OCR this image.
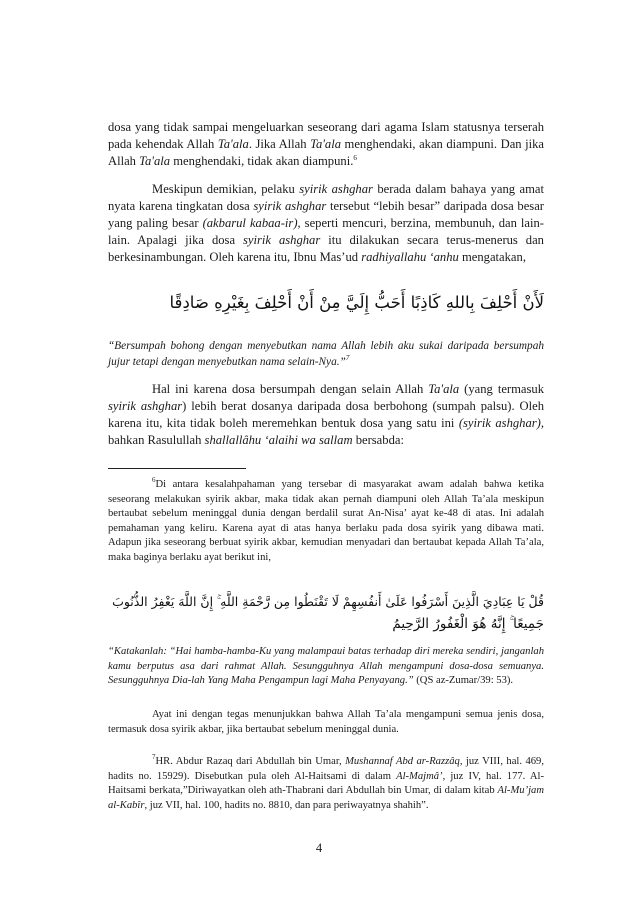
dosa yang tidak sampai mengeluarkan seseorang dari agama Islam statusnya terserah pada kehendak Allah Ta'ala. Jika Allah Ta'ala menghendaki, akan diampuni. Dan jika Allah Ta'ala menghendaki, tidak akan diampuni.$^6$

Meskipun demikian, pelaku syirik ashghar berada dalam bahaya yang amat nyata karena tingkatan dosa syirik ashghar tersebut “lebih besar” daripada dosa besar yang paling besar (akbarul kabaa-ir), seperti mencuri, berzina, membunuh, dan lain-lain. Apalagi jika dosa syirik ashghar itu dilakukan secara terus-menerus dan berkesinambungan. Oleh karena itu, Ibnu Mas’ud radhiyallahu ‘anhu mengatakan,

لَأَنْ أَحْلِفَ بِاللهِ كَاذِبًا أَحَبُّ إِلَيَّ مِنْ أَنْ أَحْلِفَ بِغَيْرِهِ صَادِقًا

“Bersumpah bohong dengan menyebutkan nama Allah lebih aku sukai daripada bersumpah jujur tetapi dengan menyebutkan nama selain-Nya.”$^7$

Hal ini karena dosa bersumpah dengan selain Allah Ta'ala (yang termasuk syirik ashghar) lebih berat dosanya daripada dosa berbohong (sumpah palsu). Oleh karena itu, kita tidak boleh meremehkan bentuk dosa yang satu ini (syirik ashghar), bahkan Rasulullah shallallâhu ‘alaihi wa sallam bersabda:

$^6$Di antara kesalahpahaman yang tersebar di masyarakat awam adalah bahwa ketika seseorang melakukan syirik akbar, maka tidak akan pernah diampuni oleh Allah Ta’ala meskipun bertaubat sebelum meninggal dunia dengan berdalil surat An-Nisa’ ayat ke-48 di atas. Ini adalah pemahaman yang keliru. Karena ayat di atas hanya berlaku pada dosa syirik yang dibawa mati. Adapun jika seseorang berbuat syirik akbar, kemudian menyadari dan bertaubat kepada Allah Ta’ala, maka baginya berlaku ayat berikut ini,

قُلْ يَا عِبَادِيَ الَّذِينَ أَسْرَفُوا عَلَىٰ أَنفُسِهِمْ لَا تَقْنَطُوا مِن رَّحْمَةِ اللَّهِ ۚ إِنَّ اللَّهَ يَغْفِرُ الذُّنُوبَ
جَمِيعًا ۚ إِنَّهُ هُوَ الْغَفُورُ الرَّحِيمُ

“Katakanlah: “Hai hamba-hamba-Ku yang malampaui batas terhadap diri mereka sendiri, janganlah kamu berputus asa dari rahmat Allah. Sesungguhnya Allah mengampuni dosa-dosa semuanya. Sesungguhnya Dia-lah Yang Maha Pengampun lagi Maha Penyayang.” (QS az-Zumar/39: 53).

Ayat ini dengan tegas menunjukkan bahwa Allah Ta’ala mengampuni semua jenis dosa, termasuk dosa syirik akbar, jika bertaubat sebelum meninggal dunia.

$^7$HR. Abdur Razaq dari Abdullah bin Umar, Mushannaf Abd ar-Razzâq, juz VIII, hal. 469, hadits no. 15929). Disebutkan pula oleh Al-Haitsami di dalam Al-Majmâ’, juz IV, hal. 177. Al-Haitsami berkata,”Diriwayatkan oleh ath-Thabrani dari Abdullah bin Umar, di dalam kitab Al-Mu’jam al-Kabîr, juz VII, hal. 100, hadits no. 8810, dan para periwayatnya shahih”.

4
